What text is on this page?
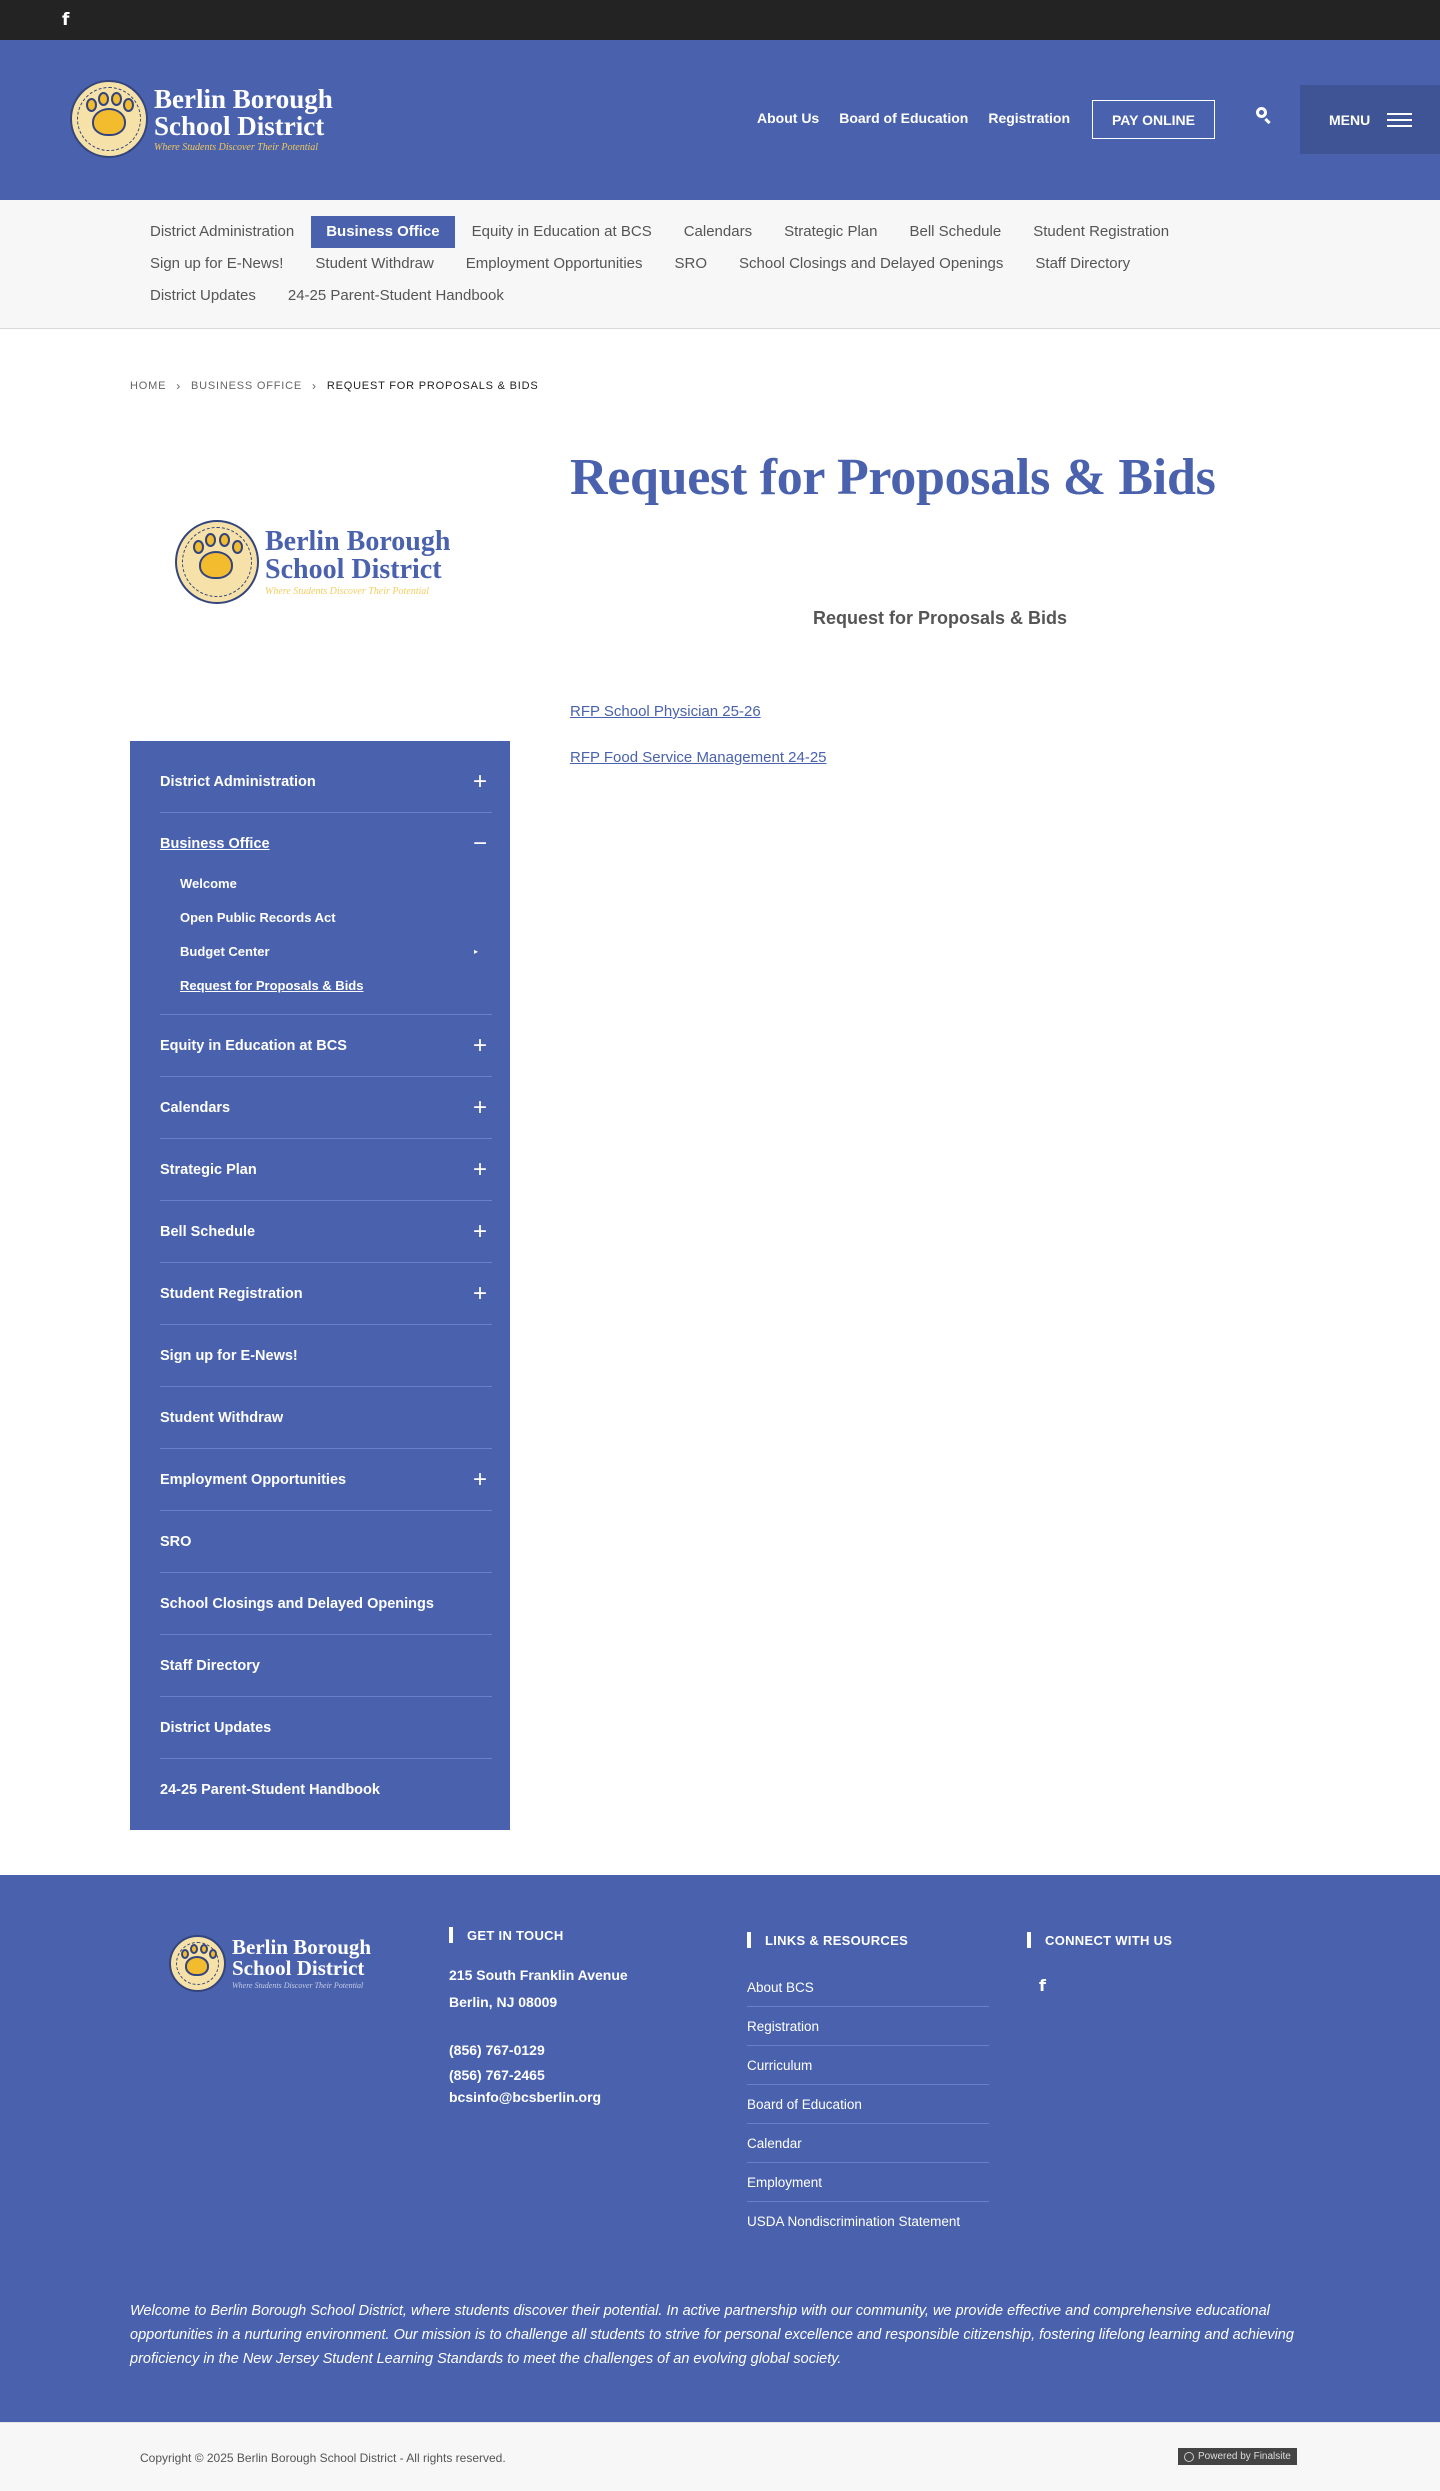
f
Berlin Borough
School District
Where Students Discover Their Potential
About Us Board of Education Registration	PAY ONLINE	MENU
District Administration	Business Office	Equity in Education at BCS	Calendars	Strategic Plan	Bell Schedule	Student Registration
Sign up for E-News!	Student Withdraw	Employment Opportunities	SRO	School Closings and Delayed Openings	Staff Directory
District Updates	24-25 Parent-Student Handbook
HOME › BUSINESS OFFICE › REQUEST FOR PROPOSALS & BIDS
Berlin Borough
School District
Where Students Discover Their Potential
District Administration	+
Business Office	−
Welcome
Open Public Records Act
Budget Center	▸
Request for Proposals & Bids
Equity in Education at BCS	+
Calendars	+
Strategic Plan	+
Bell Schedule	+
Student Registration	+
Sign up for E-News!
Student Withdraw
Employment Opportunities	+
SRO
School Closings and Delayed Openings
Staff Directory
District Updates
24-25 Parent-Student Handbook
Request for Proposals & Bids
Request for Proposals & Bids
RFP School Physician 25-26
RFP Food Service Management 24-25
Berlin Borough
School District
Where Students Discover Their Potential
GET IN TOUCH
215 South Franklin Avenue
Berlin, NJ 08009
(856) 767-0129
(856) 767-2465
bcsinfo@bcsberlin.org
LINKS & RESOURCES
About BCS
Registration
Curriculum
Board of Education
Calendar
Employment
USDA Nondiscrimination Statement
CONNECT WITH US
f

Welcome to Berlin Borough School District, where students discover their potential. In active partnership with our community, we provide effective and comprehensive educational opportunities in a nurturing environment. Our mission is to challenge all students to strive for personal excellence and responsible citizenship, fostering lifelong learning and achieving proficiency in the New Jersey Student Learning Standards to meet the challenges of an evolving global society.

Copyright © 2025 Berlin Borough School District - All rights reserved.	Powered by Finalsite
